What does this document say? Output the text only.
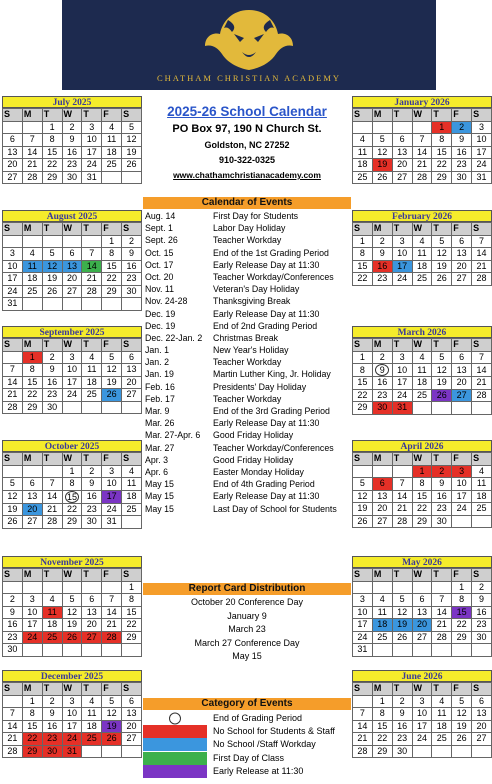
CHATHAM CHRISTIAN ACADEMY
July 2025
S	M	T	W	T	F	S
		1	2	3	4	5
6	7	8	9	10	11	12
13	14	15	16	17	18	19
20	21	22	23	24	25	26
27	28	29	30	31		
August 2025
S	M	T	W	T	F	S
					1	2
3	4	5	6	7	8	9
10	11	12	13	14	15	16
17	18	19	20	21	22	23
24	25	26	27	28	29	30
31						
September 2025
S	M	T	W	T	F	S
	1	2	3	4	5	6
7	8	9	10	11	12	13
14	15	16	17	18	19	20
21	22	23	24	25	26	27
28	29	30				
October 2025
S	M	T	W	T	F	S
			1	2	3	4
5	6	7	8	9	10	11
12	13	14	15	16	17	18
19	20	21	22	23	24	25
26	27	28	29	30	31	
November 2025
S	M	T	W	T	F	S
						1
2	3	4	5	6	7	8
9	10	11	12	13	14	15
16	17	18	19	20	21	22
23	24	25	26	27	28	29
30						
December 2025
S	M	T	W	T	F	S
	1	2	3	4	5	6
7	8	9	10	11	12	13
14	15	16	17	18	19	20
21	22	23	24	25	26	27
28	29	30	31			
January 2026
S	M	T	W	T	F	S
				1	2	3
4	5	6	7	8	9	10
11	12	13	14	15	16	17
18	19	20	21	22	23	24
25	26	27	28	29	30	31
February 2026
S	M	T	W	T	F	S
1	2	3	4	5	6	7
8	9	10	11	12	13	14
15	16	17	18	19	20	21
22	23	24	25	26	27	28
March 2026
S	M	T	W	T	F	S
1	2	3	4	5	6	7
8	9	10	11	12	13	14
15	16	17	18	19	20	21
22	23	24	25	26	27	28
29	30	31				
April 2026
S	M	T	W	T	F	S
			1	2	3	4
5	6	7	8	9	10	11
12	13	14	15	16	17	18
19	20	21	22	23	24	25
26	27	28	29	30		
May 2026
S	M	T	W	T	F	S
					1	2
3	4	5	6	7	8	9
10	11	12	13	14	15	16
17	18	19	20	21	22	23
24	25	26	27	28	29	30
31						
June 2026
S	M	T	W	T	F	S
	1	2	3	4	5	6
7	8	9	10	11	12	13
14	15	16	17	18	19	20
21	22	23	24	25	26	27
28	29	30				
2025-26 School Calendar
PO Box 97, 190 N Church St.
Goldston, NC 27252
910-322-0325
www.chathamchristianacademy.com
Calendar of Events
Aug. 14	First Day for Students
Sept. 1	Labor Day Holiday
Sept. 26	Teacher Workday
Oct. 15	End of the 1st Grading Period
Oct. 17	Early Release Day at 11:30
Oct. 20	Teacher Workday/Conferences
Nov. 11	Veteran's Day Holiday
Nov. 24-28	Thanksgiving Break
Dec. 19	Early Release Day at 11:30
Dec. 19	End of 2nd Grading Period
Dec. 22-Jan. 2 Christmas Break
Jan. 1	New Year's Holiday
Jan. 2	Teacher Workday
Jan. 19	Martin Luther King, Jr. Holiday
Feb. 16	Presidents' Day Holiday
Feb. 17	Teacher Workday
Mar. 9	End of the 3rd Grading Period
Mar. 26	Early Release Day at 11:30
Mar. 27-Apr. 6 Good Friday Holiday
Mar. 27	Teacher Workday/Conferences
Apr. 3	Good Friday Holiday
Apr. 6	Easter Monday Holiday
May 15	End of 4th Grading Period
May 15	Early Release Day at 11:30
May 15	Last Day of School for Students
Report Card Distribution
October 20 Conference Day
January 9
March 23
March 27 Conference Day
May 15
Category of Events
End of Grading Period
No School for Students & Staff
No School /Staff Workday
First Day of Class
Early Release at 11:30
